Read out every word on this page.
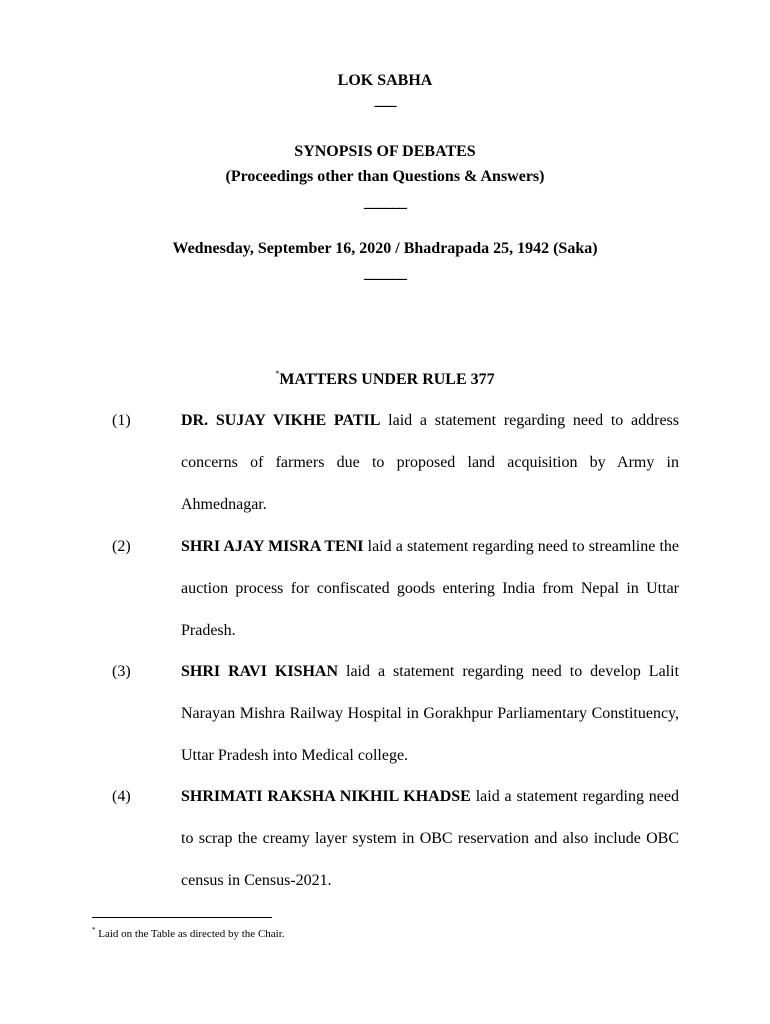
LOK SABHA
___
SYNOPSIS OF DEBATES
(Proceedings other than Questions & Answers)
______
Wednesday, September 16, 2020 / Bhadrapada 25, 1942 (Saka)
______
*MATTERS UNDER RULE 377
(1)	DR. SUJAY VIKHE PATIL laid a statement regarding need to address concerns of farmers due to proposed land acquisition by Army in Ahmednagar.
(2)	SHRI AJAY MISRA TENI laid a statement regarding need to streamline the auction process for confiscated goods entering India from Nepal in Uttar Pradesh.
(3)	SHRI RAVI KISHAN laid a statement regarding need to develop Lalit Narayan Mishra Railway Hospital in Gorakhpur Parliamentary Constituency, Uttar Pradesh into Medical college.
(4)	SHRIMATI RAKSHA NIKHIL KHADSE laid a statement regarding need to scrap the creamy layer system in OBC reservation and also include OBC census in Census-2021.
* Laid on the Table as directed by the Chair.
